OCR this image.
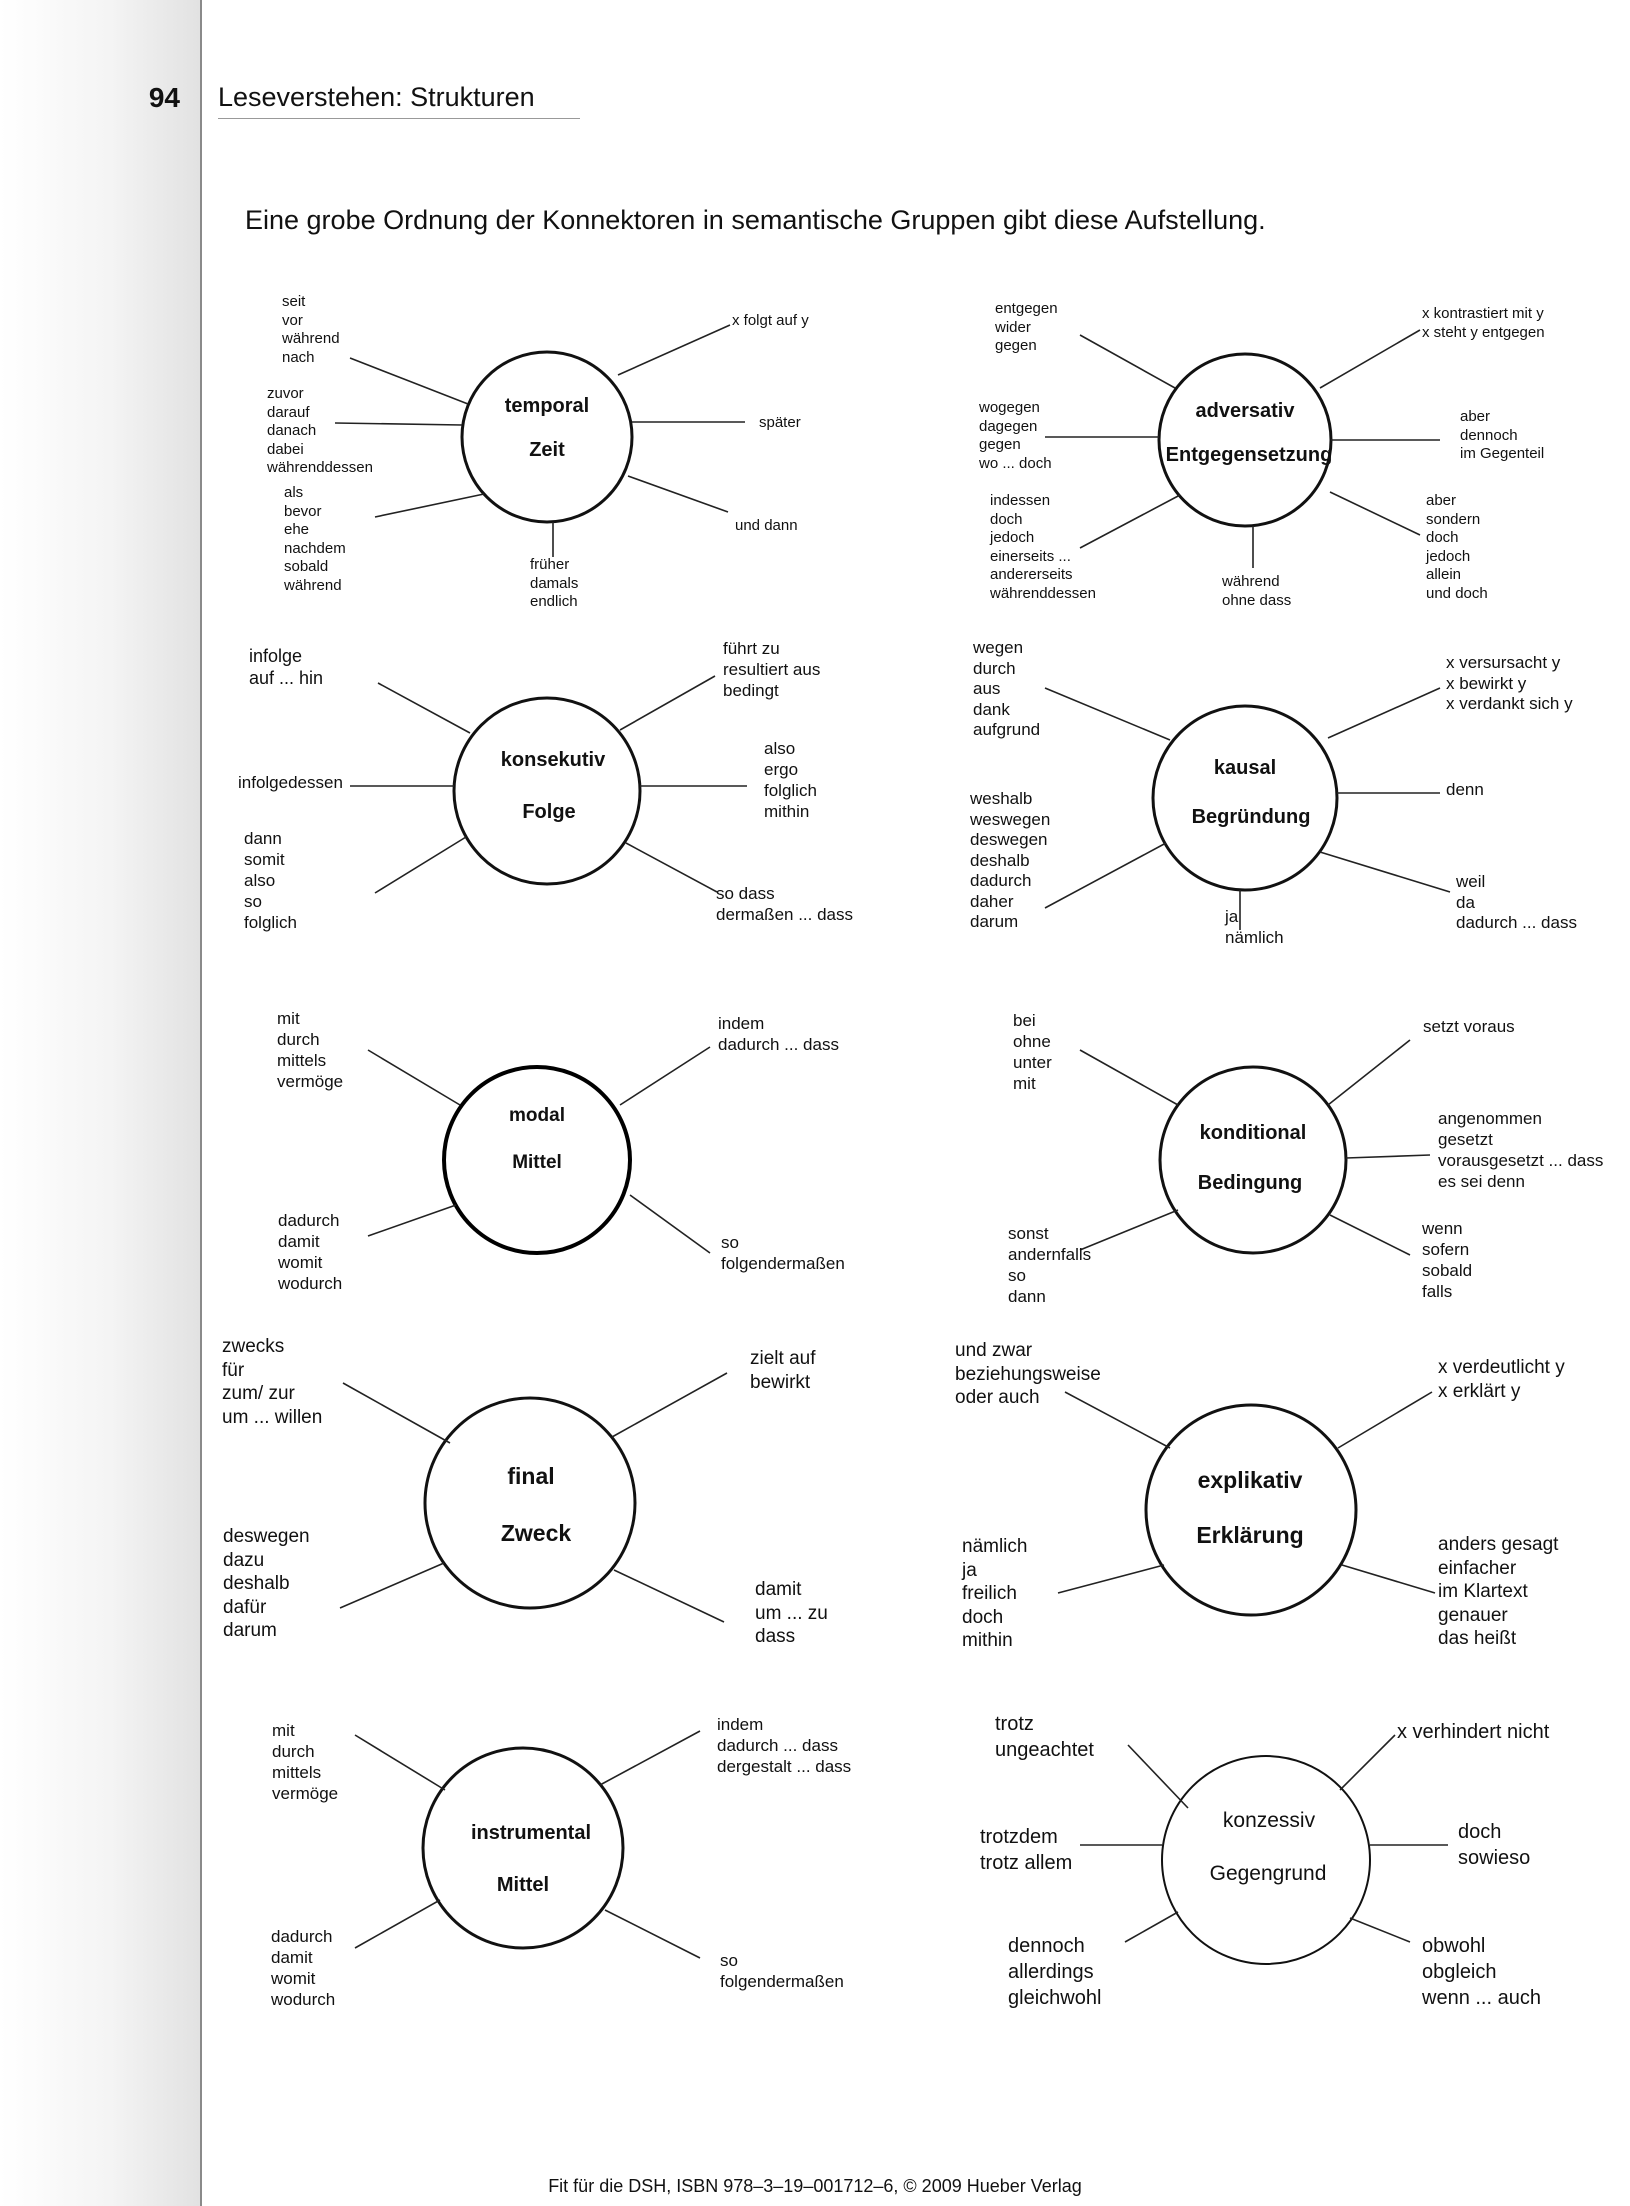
94 Leseverstehen: Strukturen
Eine grobe Ordnung der Konnektoren in semantische Gruppen gibt diese Aufstellung.
temporal
Zeit
seit
vor
während
nach
zuvor
darauf
danach
dabei
währenddessen
als
bevor
ehe
nachdem
sobald
während
früher
damals
endlich
x folgt auf y
später
und dann
adversativ
Entgegensetzung
entgegen
wider
gegen
wogegen
dagegen
gegen
wo ... doch
indessen
doch
jedoch
einerseits ...
andererseits
währenddessen
während
ohne dass
x kontrastiert mit y
x steht y entgegen
aber
dennoch
im Gegenteil
aber
sondern
doch
jedoch
allein
und doch
konsekutiv
Folge
infolge
auf ... hin
infolgedessen
dann
somit
also
so
folglich
führt zu
resultiert aus
bedingt
also
ergo
folglich
mithin
so dass
dermaßen ... dass
kausal
Begründung
wegen
durch
aus
dank
aufgrund
weshalb
weswegen
deswegen
deshalb
dadurch
daher
darum	ja
nämlich
x versursacht y
x bewirkt y
x verdankt sich y
denn
weil
da
dadurch ... dass
modal
Mittel
mit
durch
mittels
vermöge
dadurch
damit
womit
wodurch
indem
dadurch ... dass
so
folgendermaßen
konditional
Bedingung
bei
ohne
unter
mit
sonst
andernfalls
so
dann
setzt voraus
angenommen
gesetzt
vorausgesetzt ... dass
es sei denn
wenn
sofern
sobald
falls
final
Zweck
zwecks
für
zum/ zur
um ... willen
deswegen
dazu
deshalb
dafür
darum
zielt auf
bewirkt
damit
um ... zu
dass
explikativ
Erklärung
und zwar
beziehungsweise
oder auch
nämlich
ja
freilich
doch
mithin
x verdeutlicht y
x erklärt y
anders gesagt
einfacher
im Klartext
genauer
das heißt
instrumental
Mittel
mit
durch
mittels
vermöge
dadurch
damit
womit
wodurch
indem
dadurch ... dass
dergestalt ... dass
so
folgendermaßen
konzessiv
Gegengrund
trotz
ungeachtet
trotzdem
trotz allem
dennoch
allerdings
gleichwohl
x verhindert nicht
doch
sowieso
obwohl
obgleich
wenn ... auch
Fit für die DSH, ISBN 978–3–19–001712–6, © 2009 Hueber Verlag
